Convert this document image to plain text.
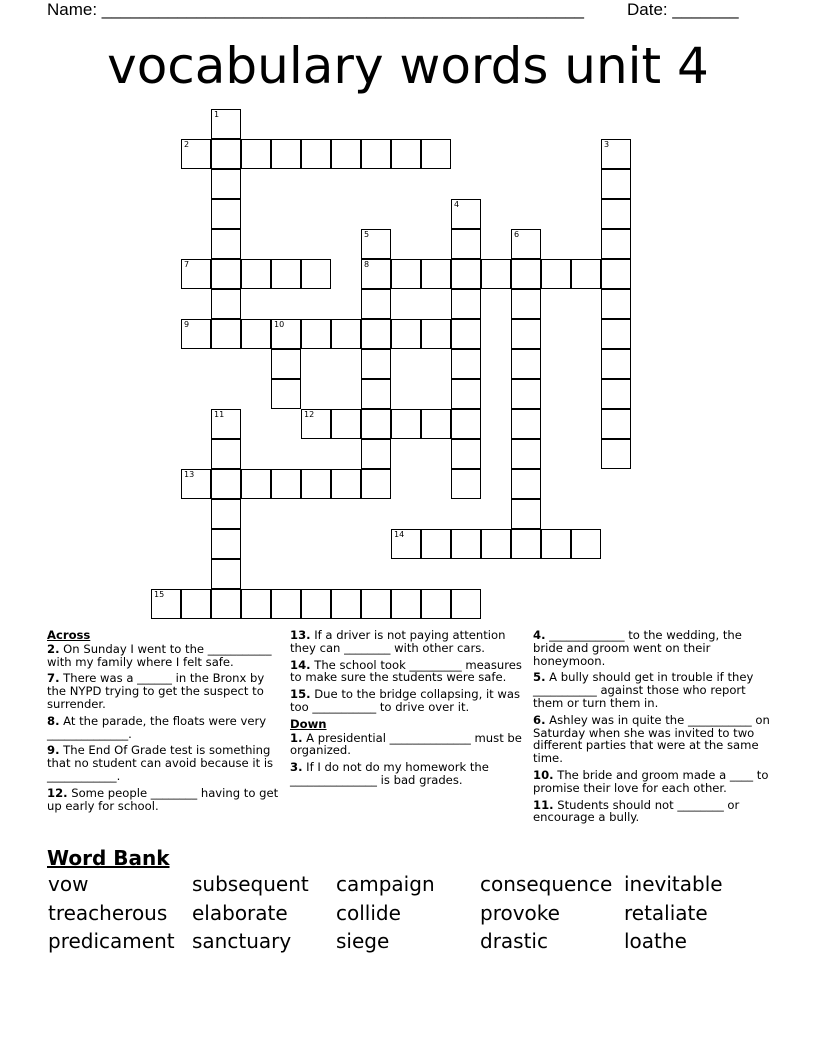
Name: ___________________________________________________	Date: _______
vocabulary words unit 4
1
2	3
4
5
8
6
7
9	10
11	12
13
14
15
Across
2. On Sunday I went to the ___________ with my family where I felt safe.
7. There was a ______ in the Bronx by the NYPD trying to get the suspect to surrender.
8. At the parade, the floats were very ______________.
9. The End Of Grade test is something that no student can avoid because it is ____________.
12. Some people ________ having to get up early for school.
13. If a driver is not paying attention they can ________ with other cars.
14. The school took _________ measures to make sure the students were safe.
15. Due to the bridge collapsing, it was too ___________ to drive over it.
Down
1. A presidential ______________ must be organized.
3. If I do not do my homework the _______________ is bad grades.
4. _____________ to the wedding, the bride and groom went on their honeymoon.
5. A bully should get in trouble if they ___________ against those who report them or turn them in.
6. Ashley was in quite the ___________ on Saturday when she was invited to two different parties that were at the same time.
10. The bride and groom made a ____ to promise their love for each other.
11. Students should not ________ or encourage a bully.
Word Bank
vow	subsequent	campaign	consequence inevitable
treacherous	elaborate	collide	provoke	retaliate
predicament sanctuary	siege	drastic	loathe
